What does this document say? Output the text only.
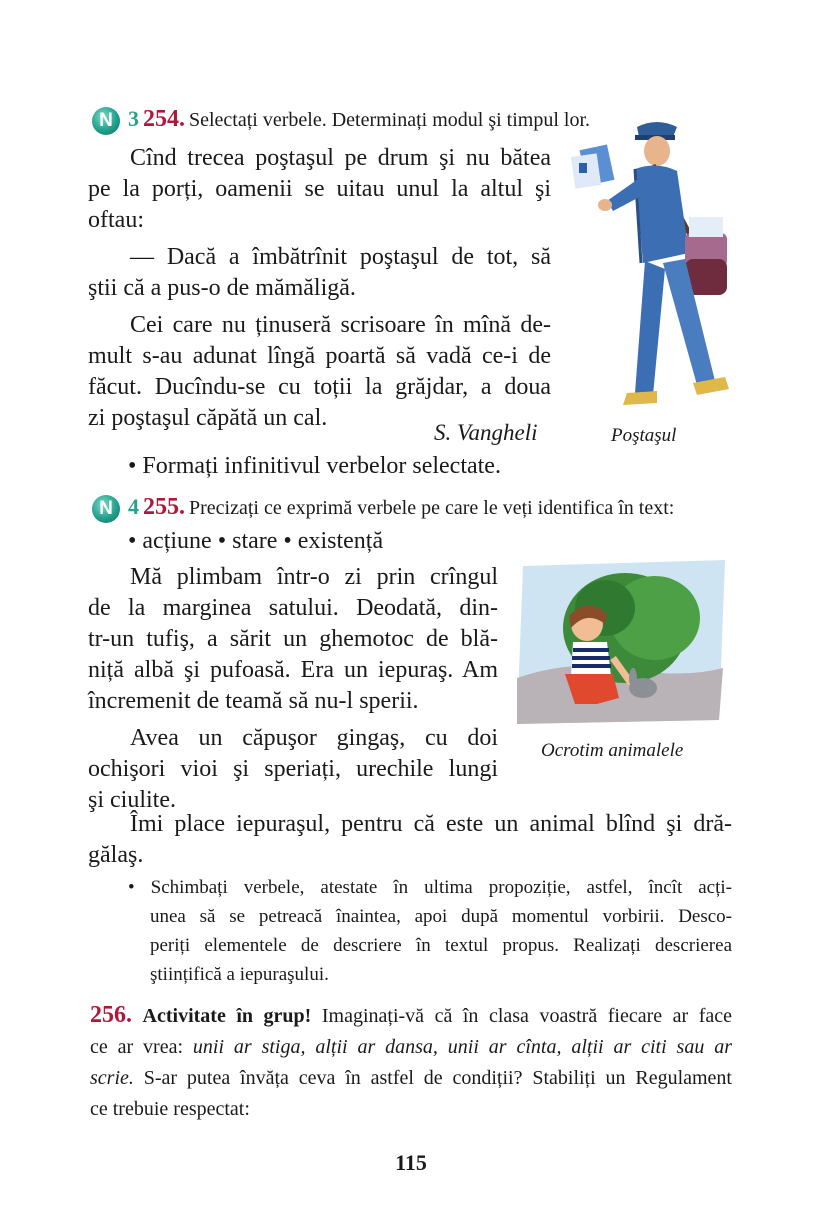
N 3 254. Selectați verbele. Determinați modul şi timpul lor.
Cînd trecea poştaşul pe drum şi nu bătea
pe la porți, oamenii se uitau unul la altul şi
oftau:
— Dacă a îmbătrînit poştaşul de tot, să
ştii că a pus-o de mămăligă.
Cei care nu ținuseră scrisoare în mînă de-
mult s-au adunat lîngă poartă să vadă ce-i de
făcut. Ducîndu-se cu toții la grăjdar, a doua
zi poştaşul căpătă un cal.
S. Vangheli	Poştaşul
• Formați infinitivul verbelor selectate.
N 4 255. Precizați ce exprimă verbele pe care le veți identifica în text:
• acțiune • stare • existență
Mă plimbam într-o zi prin crîngul
de la marginea satului. Deodată, din-
tr-un tufiş, a sărit un ghemotoc de blă-
niță albă şi pufoasă. Era un iepuraş. Am
încremenit de teamă să nu-l sperii.
Avea un căpuşor gingaş, cu doi
ochişori vioi şi speriați, urechile lungi
şi ciulite.
Ocrotim animalele
Îmi place iepuraşul, pentru că este un animal blînd şi dră-
gălaş.
• Schimbați verbele, atestate în ultima propoziție, astfel, încît acți-
unea să se petreacă înaintea, apoi după momentul vorbirii. Desco-
periți elementele de descriere în textul propus. Realizați descrierea
ştiințifică a iepuraşului.
256. Activitate în grup! Imaginați-vă că în clasa voastră fiecare ar face
ce ar vrea: unii ar stiga, alții ar dansa, unii ar cînta, alții ar citi sau ar
scrie. S-ar putea învăța ceva în astfel de condiții? Stabiliți un Regulament
ce trebuie respectat:
115
